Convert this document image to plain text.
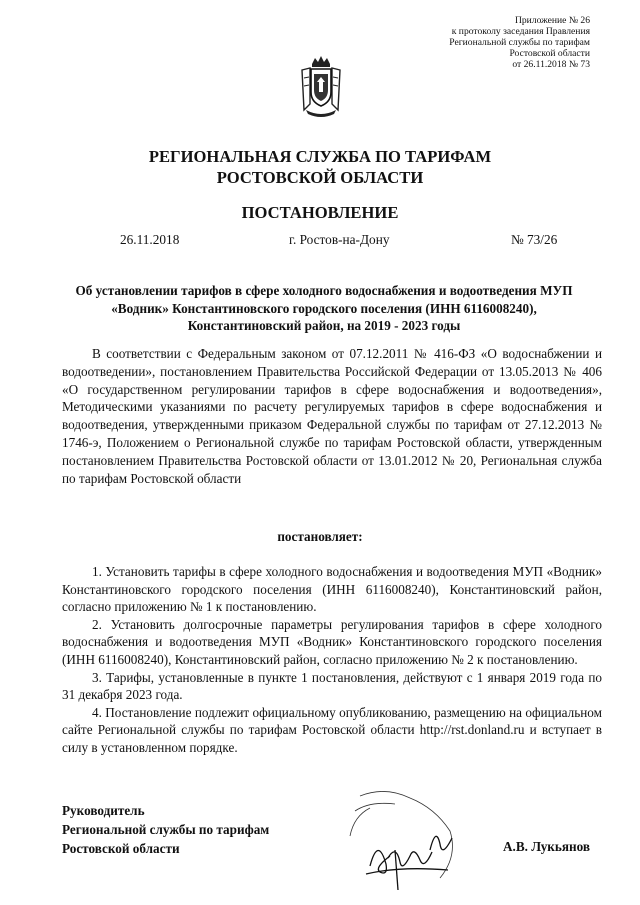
Приложение № 26
к протоколу заседания Правления
Региональной службы по тарифам
Ростовской области
от 26.11.2018 № 73
РЕГИОНАЛЬНАЯ СЛУЖБА ПО ТАРИФАМ
РОСТОВСКОЙ ОБЛАСТИ
ПОСТАНОВЛЕНИЕ
26.11.2018	г. Ростов-на-Дону	№ 73/26
Об установлении тарифов в сфере холодного водоснабжения и водоотведения МУП «Водник» Константиновского городского поселения (ИНН 6116008240), Константиновский район, на 2019 - 2023 годы
В соответствии с Федеральным законом от 07.12.2011 № 416-ФЗ «О водоснабжении и водоотведении», постановлением Правительства Российской Федерации от 13.05.2013 № 406 «О государственном регулировании тарифов в сфере водоснабжения и водоотведения», Методическими указаниями по расчету регулируемых тарифов в сфере водоснабжения и водоотведения, утвержденными приказом Федеральной службы по тарифам от 27.12.2013 № 1746-э, Положением о Региональной службе по тарифам Ростовской области, утвержденным постановлением Правительства Ростовской области от 13.01.2012 № 20, Региональная служба по тарифам Ростовской области
постановляет:
1. Установить тарифы в сфере холодного водоснабжения и водоотведения МУП «Водник» Константиновского городского поселения (ИНН 6116008240), Константиновский район, согласно приложению № 1 к постановлению.
2. Установить долгосрочные параметры регулирования тарифов в сфере холодного водоснабжения и водоотведения МУП «Водник» Константиновского городского поселения (ИНН 6116008240), Константиновский район, согласно приложению № 2 к постановлению.
3. Тарифы, установленные в пункте 1 постановления, действуют с 1 января 2019 года по 31 декабря 2023 года.
4. Постановление подлежит официальному опубликованию, размещению на официальном сайте Региональной службы по тарифам Ростовской области http://rst.donland.ru и вступает в силу в установленном порядке.
Руководитель
Региональной службы по тарифам
Ростовской области	А.В. Лукьянов
